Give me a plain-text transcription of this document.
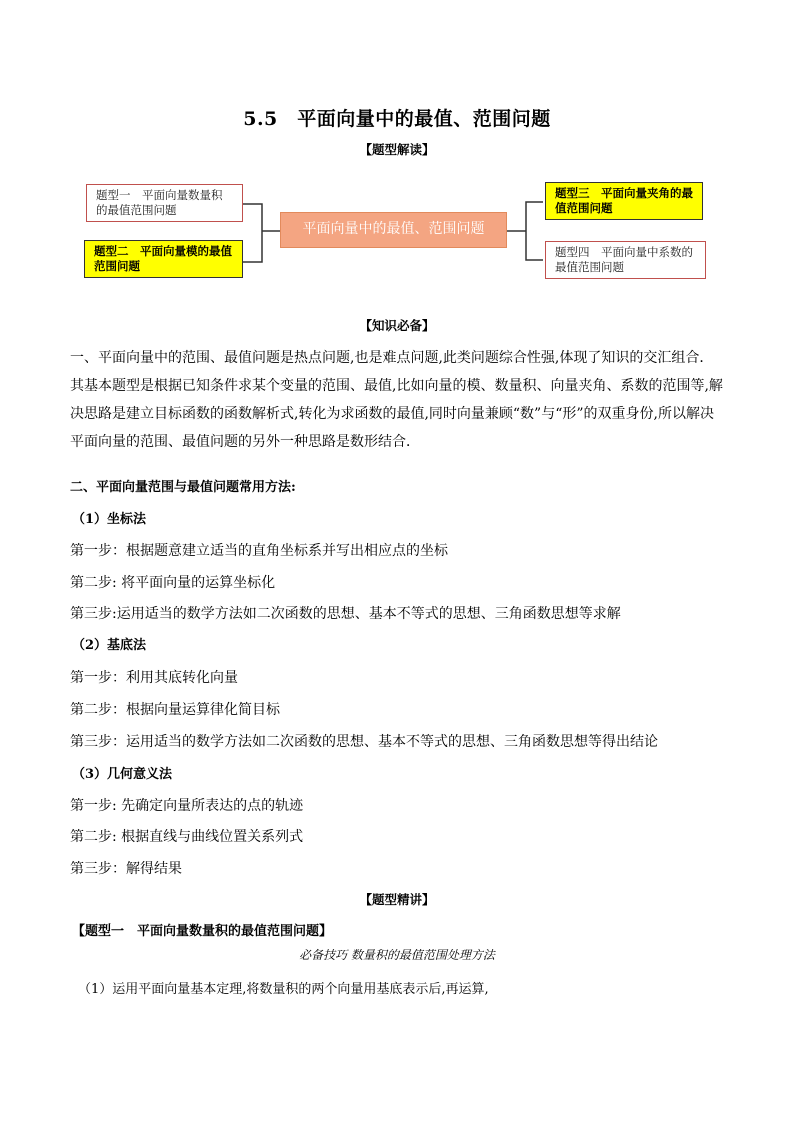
5.5　平面向量中的最值、范围问题
【题型解读】
题型一　平面向量数量积的最值范围问题
题型二　平面向量模的最值范围问题
平面向量中的最值、范围问题
题型三　平面向量夹角的最值范围问题
题型四　平面向量中系数的最值范围问题
【知识必备】
一、平面向量中的范围、最值问题是热点问题,也是难点问题,此类问题综合性强,体现了知识的交汇组合．其基本题型是根据已知条件求某个变量的范围、最值,比如向量的模、数量积、向量夹角、系数的范围等,解决思路是建立目标函数的函数解析式,转化为求函数的最值,同时向量兼顾“数”与“形”的双重身份,所以解决平面向量的范围、最值问题的另外一种思路是数形结合．
二、平面向量范围与最值问题常用方法:
（1）坐标法
第一步：根据题意建立适当的直角坐标系并写出相应点的坐标
第二步: 将平面向量的运算坐标化
第三步:运用适当的数学方法如二次函数的思想、基本不等式的思想、三角函数思想等求解
（2）基底法
第一步：利用其底转化向量
第二步：根据向量运算律化简目标
第三步：运用适当的数学方法如二次函数的思想、基本不等式的思想、三角函数思想等得出结论
（3）几何意义法
第一步: 先确定向量所表达的点的轨迹
第二步: 根据直线与曲线位置关系列式
第三步：解得结果
【题型精讲】
【题型一　平面向量数量积的最值范围问题】
必备技巧 数量积的最值范围处理方法
（1）运用平面向量基本定理,将数量积的两个向量用基底表示后,再运算,
